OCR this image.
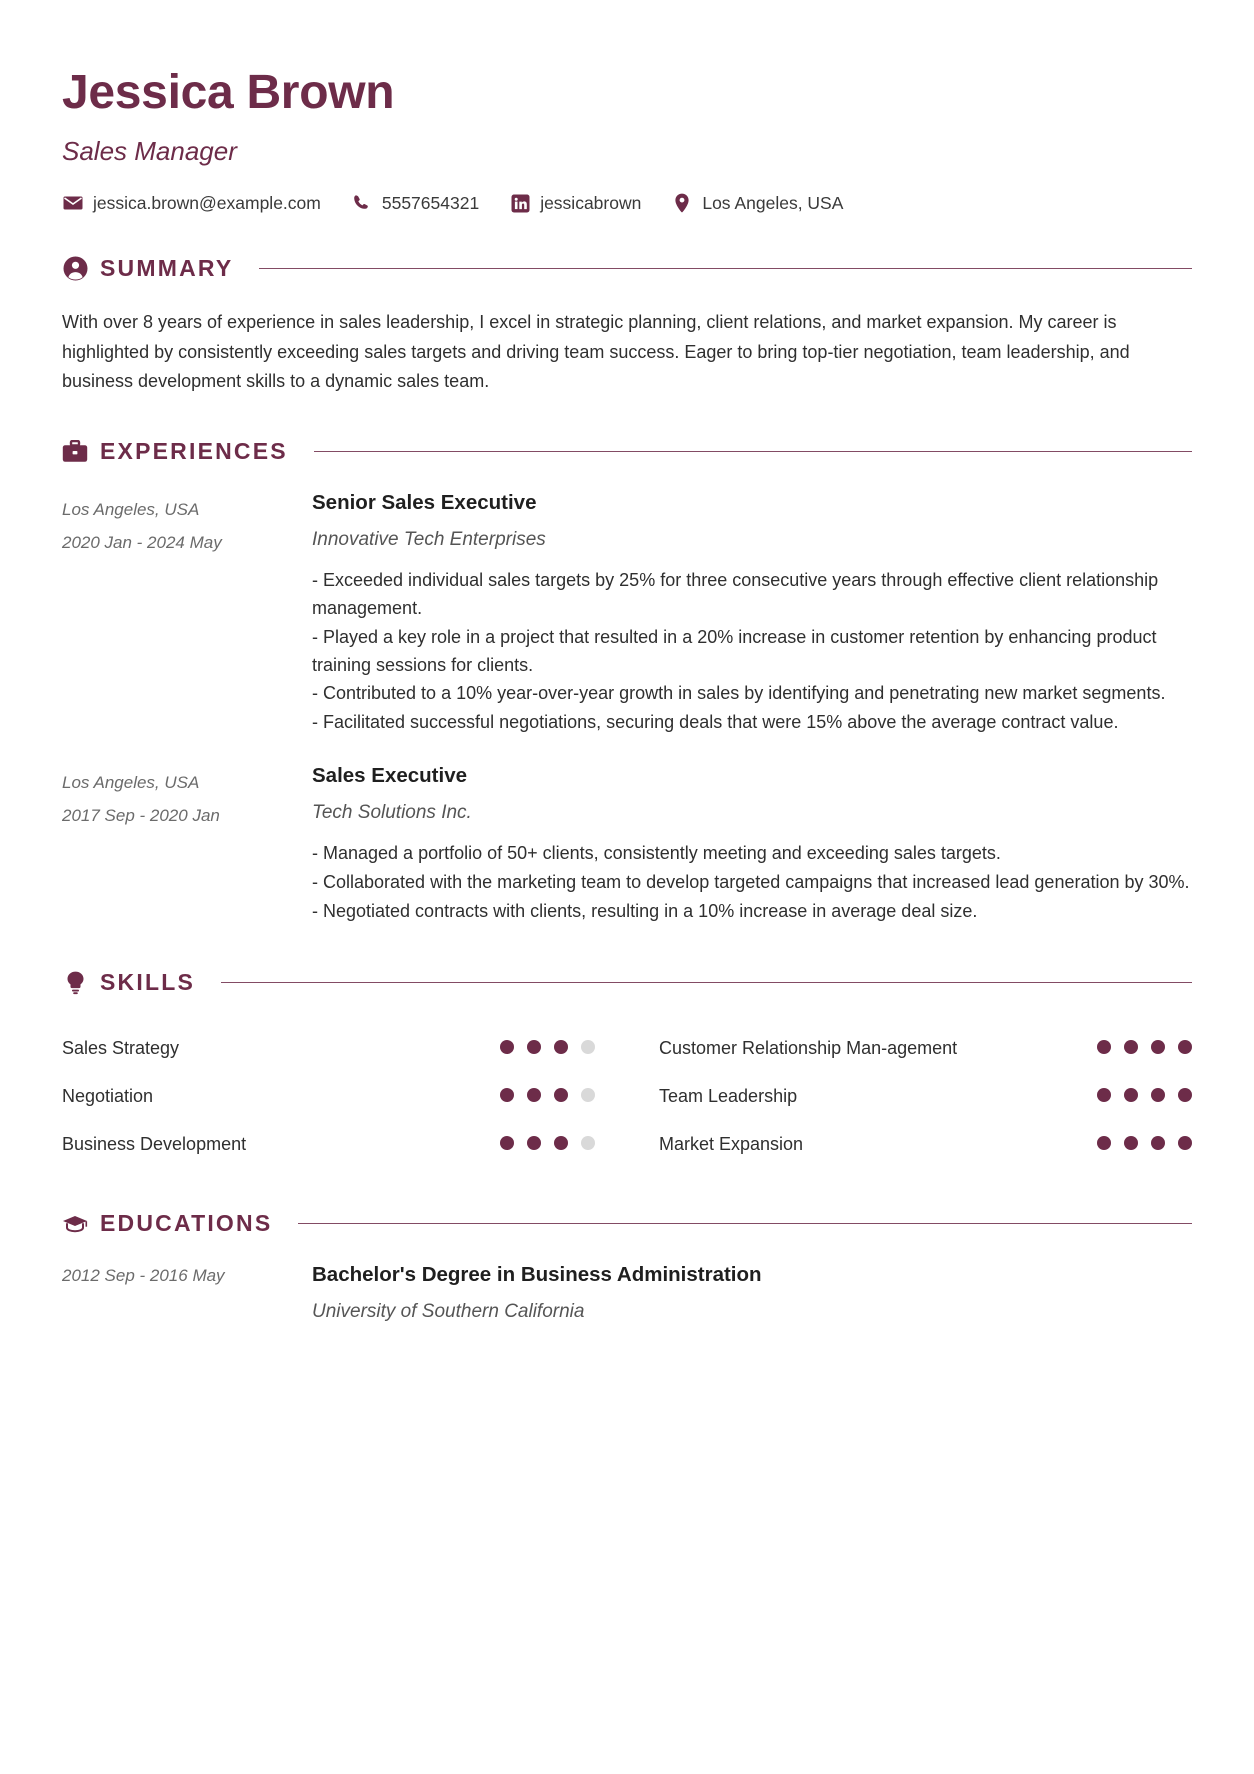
Jessica Brown
Sales Manager
jessica.brown@example.com	5557654321	jessicabrown	Los Angeles, USA
SUMMARY

With over 8 years of experience in sales leadership, I excel in strategic planning, client relations, and market expansion. My career is highlighted by consistently exceeding sales targets and driving team success. Eager to bring top-tier negotiation, team leadership, and business development skills to a dynamic sales team.

EXPERIENCES
Los Angeles, USA
2020 Jan - 2024 May
Senior Sales Executive
Innovative Tech Enterprises
- Exceeded individual sales targets by 25% for three consecutive years through effective client relationship management.
- Played a key role in a project that resulted in a 20% increase in customer retention by enhancing product training sessions for clients.
- Contributed to a 10% year-over-year growth in sales by identifying and penetrating new market segments.
- Facilitated successful negotiations, securing deals that were 15% above the average contract value.
Los Angeles, USA
2017 Sep - 2020 Jan
Sales Executive
Tech Solutions Inc.
- Managed a portfolio of 50+ clients, consistently meeting and exceeding sales targets.
- Collaborated with the marketing team to develop targeted campaigns that increased lead generation by 30%.
- Negotiated contracts with clients, resulting in a 10% increase in average deal size.
SKILLS
Sales Strategy	Customer Relationship Man-agement
Negotiation	Team Leadership
Business Development	Market Expansion
EDUCATIONS
2012 Sep - 2016 May	Bachelor's Degree in Business Administration
University of Southern California
